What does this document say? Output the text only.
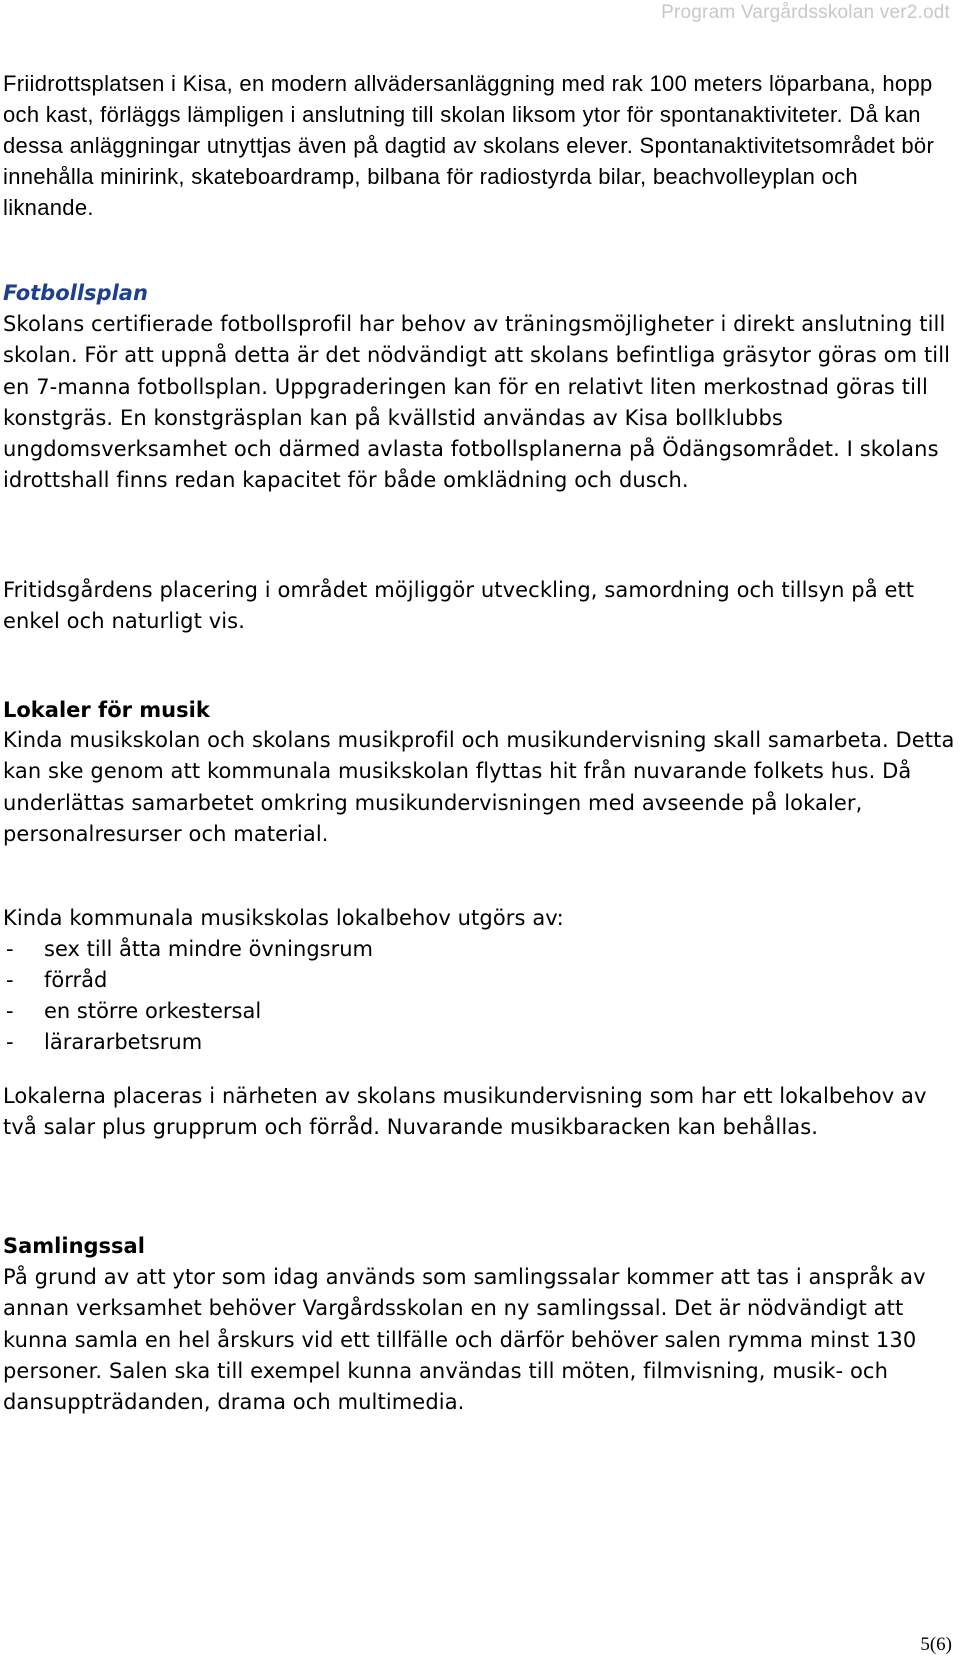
Program Vargårdsskolan ver2.odt

Friidrottsplatsen i Kisa, en modern allvädersanläggning med rak 100 meters löparbana, hopp och kast, förläggs lämpligen i anslutning till skolan liksom ytor för spontanaktiviteter. Då kan dessa anläggningar utnyttjas även på dagtid av skolans elever. Spontanaktivitetsområdet bör innehålla minirink, skateboardramp, bilbana för radiostyrda bilar, beachvolleyplan och liknande.

Fotbollsplan

Skolans certifierade fotbollsprofil har behov av träningsmöjligheter i direkt anslutning till skolan. För att uppnå detta är det nödvändigt att skolans befintliga gräsytor göras om till en 7-manna fotbollsplan. Uppgraderingen kan för en relativt liten merkostnad göras till konstgräs. En konstgräsplan kan på kvällstid användas av Kisa bollklubbs ungdomsverksamhet och därmed avlasta fotbollsplanerna på Ödängsområdet. I skolans idrottshall finns redan kapacitet för både omklädning och dusch.

Fritidsgårdens placering i området möjliggör utveckling, samordning och tillsyn på ett enkel och naturligt vis.

Lokaler för musik

Kinda musikskolan och skolans musikprofil och musikundervisning skall samarbeta. Detta kan ske genom att kommunala musikskolan flyttas hit från nuvarande folkets hus. Då underlättas samarbetet omkring musikundervisningen med avseende på lokaler, personalresurser och material.

Kinda kommunala musikskolas lokalbehov utgörs av:

-	sex till åtta mindre övningsrum
-	förråd
-	en större orkestersal
-	lärararbetsrum

Lokalerna placeras i närheten av skolans musikundervisning som har ett lokalbehov av två salar plus grupprum och förråd. Nuvarande musikbaracken kan behållas.

Samlingssal

På grund av att ytor som idag används som samlingssalar kommer att tas i anspråk av annan verksamhet behöver Vargårdsskolan en ny samlingssal. Det är nödvändigt att kunna samla en hel årskurs vid ett tillfälle och därför behöver salen rymma minst 130 personer. Salen ska till exempel kunna användas till möten, filmvisning, musik- och dansuppträdanden, drama och multimedia.

5(6)
